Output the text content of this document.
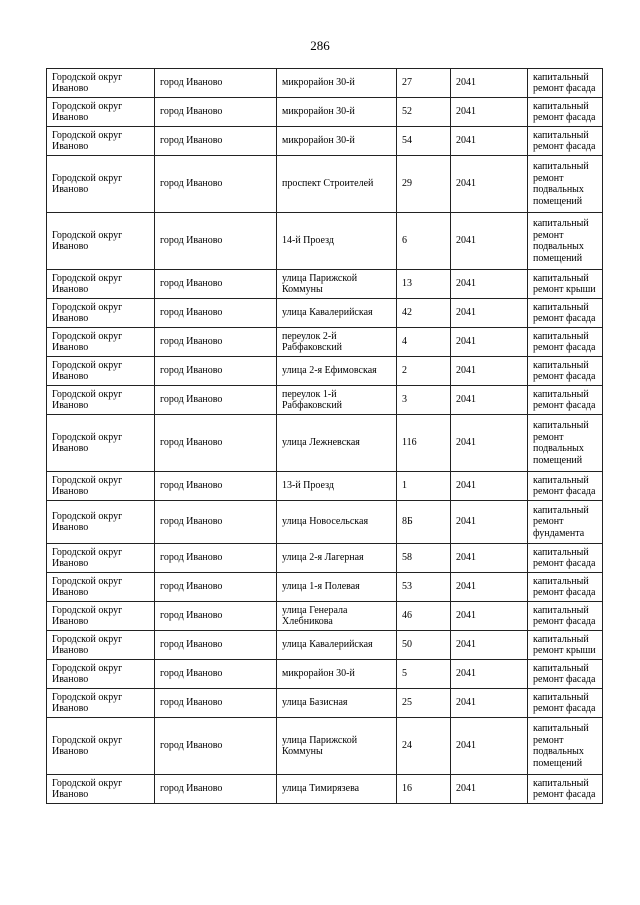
286
Городской округ Иваново	город Иваново	микрорайон 30-й	27	2041	капитальный ремонт фасада
Городской округ Иваново	город Иваново	микрорайон 30-й	52	2041	капитальный ремонт фасада
Городской округ Иваново	город Иваново	микрорайон 30-й	54	2041	капитальный ремонт фасада
Городской округ Иваново	город Иваново	проспект Строителей	29	2041	капитальный ремонт подвальных помещений
Городской округ Иваново	город Иваново	14-й Проезд	6	2041	капитальный ремонт подвальных помещений
Городской округ Иваново	город Иваново	улица Парижской Коммуны	13	2041	капитальный ремонт крыши
Городской округ Иваново	город Иваново	улица Кавалерийская	42	2041	капитальный ремонт фасада
Городской округ Иваново	город Иваново	переулок 2-й Рабфаковский	4	2041	капитальный ремонт фасада
Городской округ Иваново	город Иваново	улица 2-я Ефимовская	2	2041	капитальный ремонт фасада
Городской округ Иваново	город Иваново	переулок 1-й Рабфаковский	3	2041	капитальный ремонт фасада
Городской округ Иваново	город Иваново	улица Лежневская	116	2041	капитальный ремонт подвальных помещений
Городской округ Иваново	город Иваново	13-й Проезд	1	2041	капитальный ремонт фасада
Городской округ Иваново	город Иваново	улица Новосельская	8Б	2041	капитальный ремонт фундамента
Городской округ Иваново	город Иваново	улица 2-я Лагерная	58	2041	капитальный ремонт фасада
Городской округ Иваново	город Иваново	улица 1-я Полевая	53	2041	капитальный ремонт фасада
Городской округ Иваново	город Иваново	улица Генерала Хлебникова	46	2041	капитальный ремонт фасада
Городской округ Иваново	город Иваново	улица Кавалерийская	50	2041	капитальный ремонт крыши
Городской округ Иваново	город Иваново	микрорайон 30-й	5	2041	капитальный ремонт фасада
Городской округ Иваново	город Иваново	улица Базисная	25	2041	капитальный ремонт фасада
Городской округ Иваново	город Иваново	улица Парижской Коммуны	24	2041	капитальный ремонт подвальных помещений
Городской округ Иваново	город Иваново	улица Тимирязева	16	2041	капитальный ремонт фасада
